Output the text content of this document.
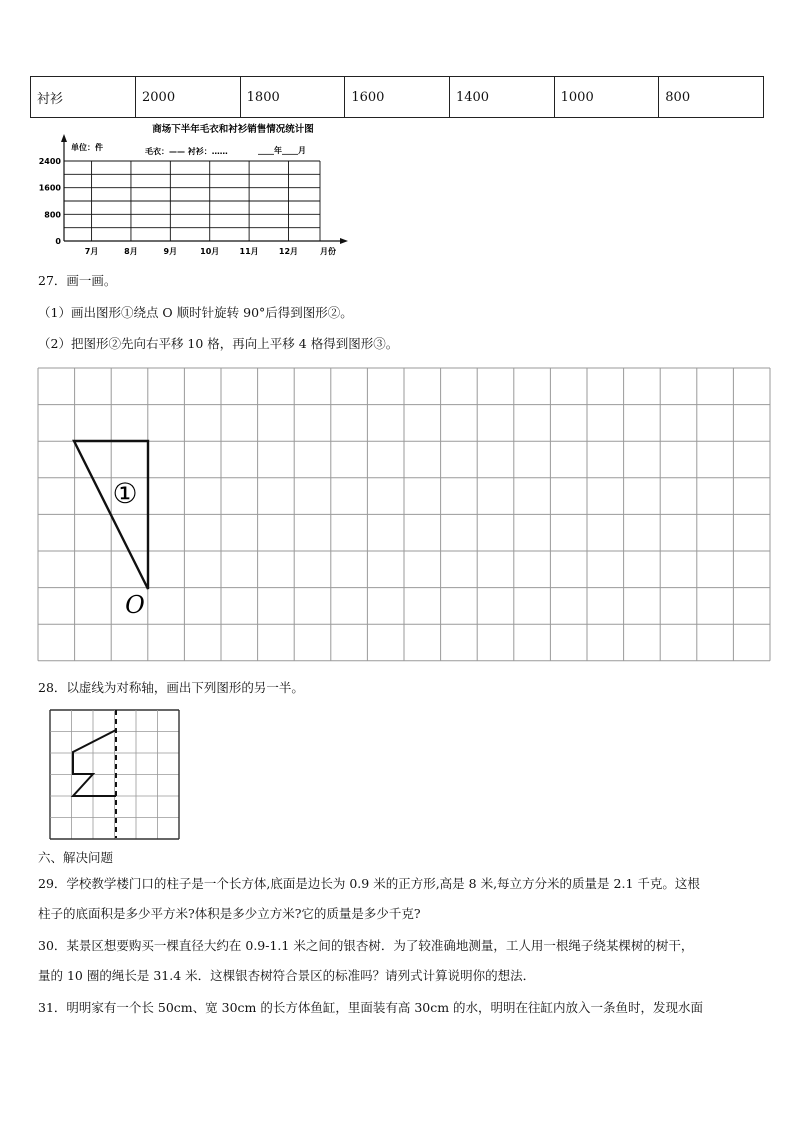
衬衫	2000	1800	1600	1400	1000	800
商场下半年毛衣和衬衫销售情况统计图
单位：件	毛衣：—— 衬衫：……	____年____月
0
800
1600
2400
7月	8月	9月	10月	11月	12月	月份
27．画一画。
（1）画出图形①绕点 O 顺时针旋转 90°后得到图形②。
（2）把图形②先向右平移 10 格，再向上平移 4 格得到图形③。
①
O
28．以虚线为对称轴，画出下列图形的另一半。
六、解决问题
29．学校教学楼门口的柱子是一个长方体,底面是边长为 0.9 米的正方形,高是 8 米,每立方分米的质量是 2.1 千克。这根
柱子的底面积是多少平方米?体积是多少立方米?它的质量是多少千克?
30．某景区想要购买一棵直径大约在 0.9-1.1 米之间的银杏树．为了较准确地测量，工人用一根绳子绕某棵树的树干，
量的 10 圈的绳长是 31.4 米．这棵银杏树符合景区的标准吗？请列式计算说明你的想法．
31．明明家有一个长 50cm、宽 30cm 的长方体鱼缸，里面装有高 30cm 的水，明明在往缸内放入一条鱼时，发现水面
